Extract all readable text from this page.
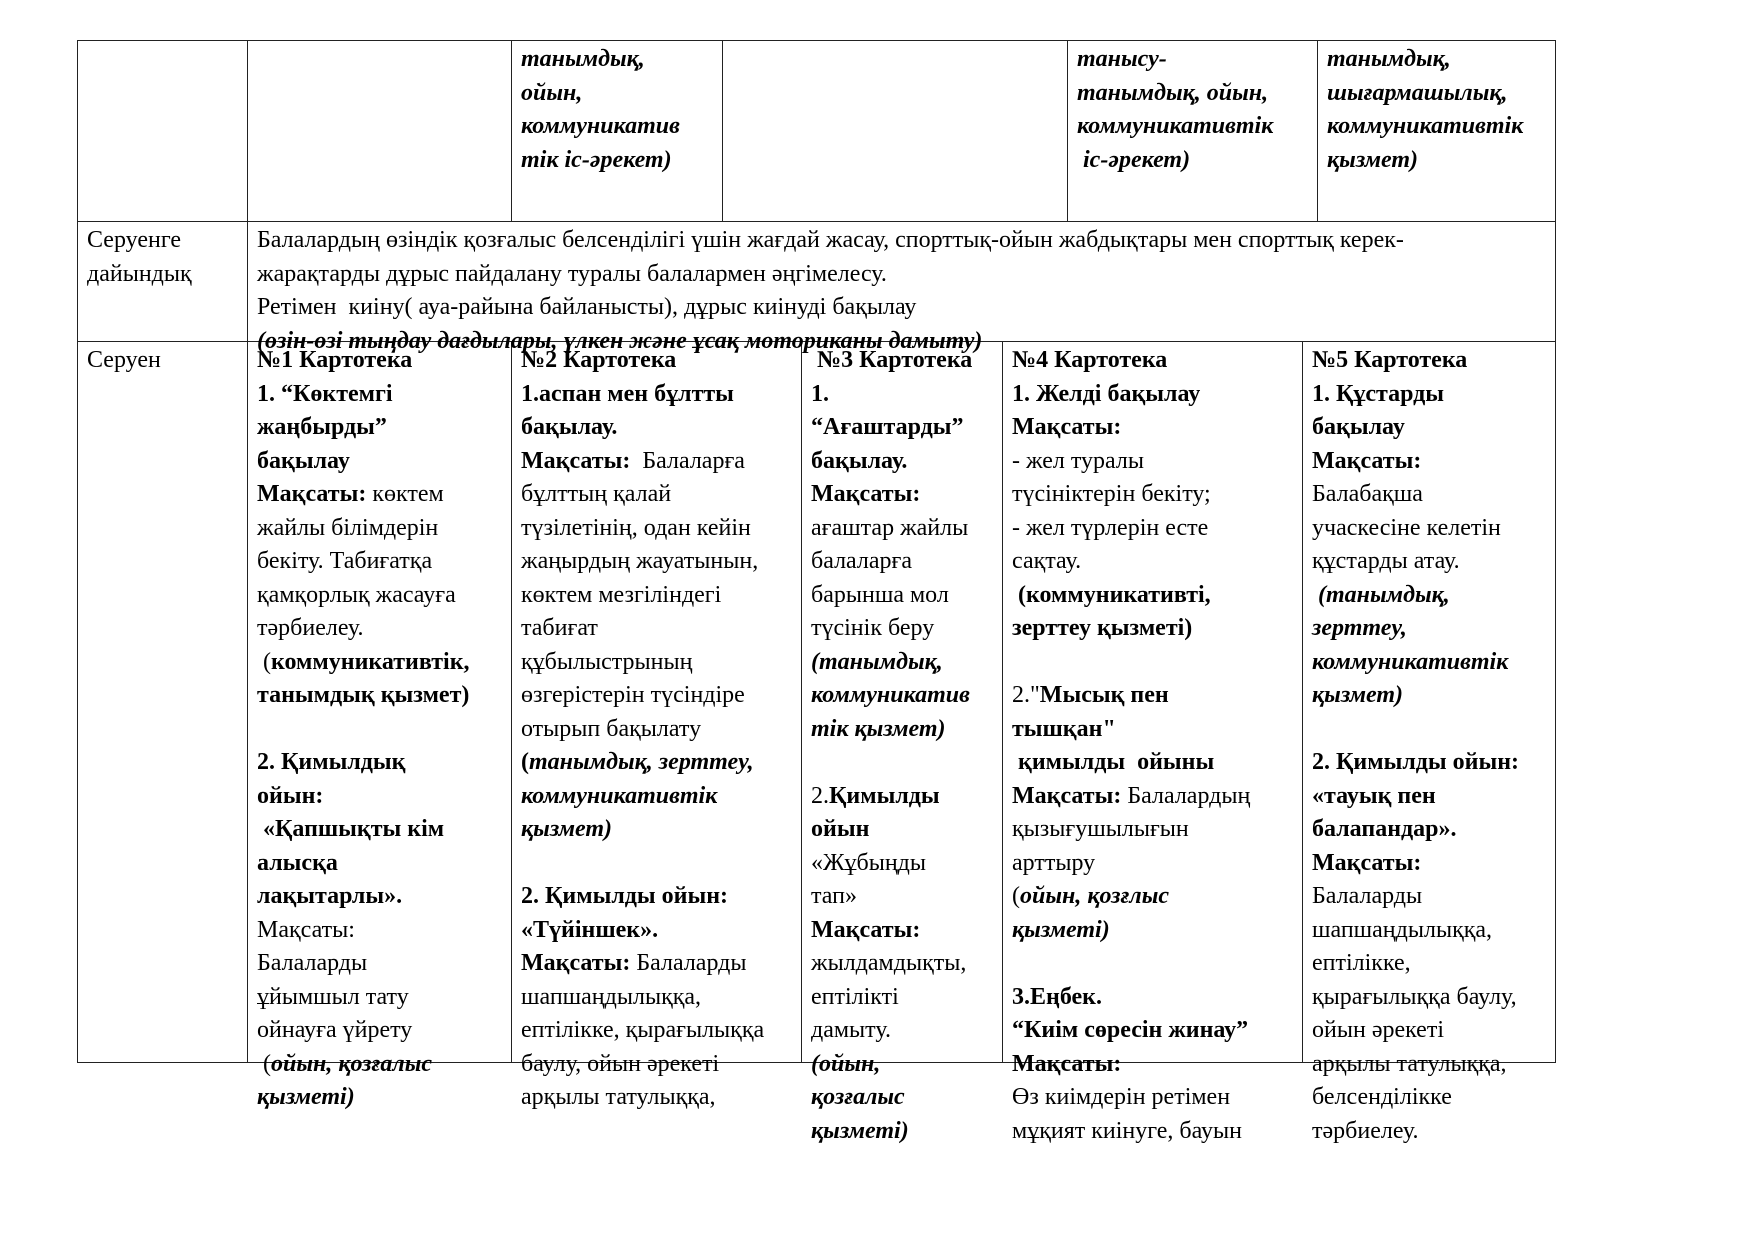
танымдық,
ойын,
коммуникатив
тік іс-әрекет)
танысу-
танымдық, ойын,
коммуникативтік
іс-әрекет)
танымдық,
шығармашылық,
коммуникативтік
қызмет)
Серуенге
дайындық
Балалардың өзіндік қозғалыс белсенділігі үшін жағдай жасау, спорттық-ойын жабдықтары мен спорттық керек-
жарақтарды дұрыс пайдалану туралы балалармен әңгімелесу.
Ретімен  киіну( ауа-райына байланысты), дұрыс киінуді бақылау
(өзін-өзі тыңдау дағдылары, үлкен және ұсақ моториканы дамыту)
Серуен	№1 Картотека
1. “Көктемгі
жаңбырды”
бақылау
Мақсаты: көктем
жайлы білімдерін
бекіту. Табиғатқа
қамқорлық жасауға
тәрбиелеу.
(коммуникативтік,
танымдық қызмет)
2. Қимылдық
ойын:
«Қапшықты кім
алысқа
лақытарлы».
Мақсаты:
Балаларды
ұйымшыл тату
ойнауға үйрету
(ойын, қозғалыс
қызметі)
№2 Картотека
1.аспан мен бұлтты
бақылау.
Мақсаты:  Балаларға
бұлттың қалай
түзілетінің, одан кейін
жаңырдың жауатынын,
көктем мезгіліндегі
табиғат
құбылыстрының
өзгерістерін түсіндіре
отырып бақылату
(танымдық, зерттеу,
коммуникативтік
қызмет)
2. Қимылды ойын:
«Түйіншек».
Мақсаты: Балаларды
шапшаңдылыққа,
ептілікке, қырағылыққа
баулу, ойын әрекеті
арқылы татулыққа,
№3 Картотека
1.
“Ағаштарды”
бақылау.
Мақсаты:
ағаштар жайлы
балаларға
барынша мол
түсінік беру
(танымдық,
коммуникатив
тік қызмет)
2.Қимылды
ойын
«Жұбыңды
тап»
Мақсаты:
жылдамдықты,
ептілікті
дамыту.
(ойын,
қозғалыс
қызметі)
№4 Картотека
1. Желді бақылау
Мақсаты:
- жел туралы
түсініктерін бекіту;
- жел түрлерін есте
сақтау.
(коммуникативті,
зерттеу қызметі)
2."Мысық пен
тышқан"
қимылды  ойыны
Мақсаты: Балалардың
қызығушылығын
арттыру
(ойын, қозғлыс
қызметі)
3.Еңбек.
“Киім сөресін жинау”
Мақсаты:
Өз киімдерін ретімен
мұқият киінуге, бауын
№5 Картотека
1. Құстарды
бақылау
Мақсаты:
Балабақша
учаскесіне келетін
құстарды атау.
(танымдық,
зерттеу,
коммуникативтік
қызмет)
2. Қимылды ойын:
«тауық пен
балапандар».
Мақсаты:
Балаларды
шапшаңдылыққа,
ептілікке,
қырағылыққа баулу,
ойын әрекеті
арқылы татулыққа,
белсенділікке
тәрбиелеу.
